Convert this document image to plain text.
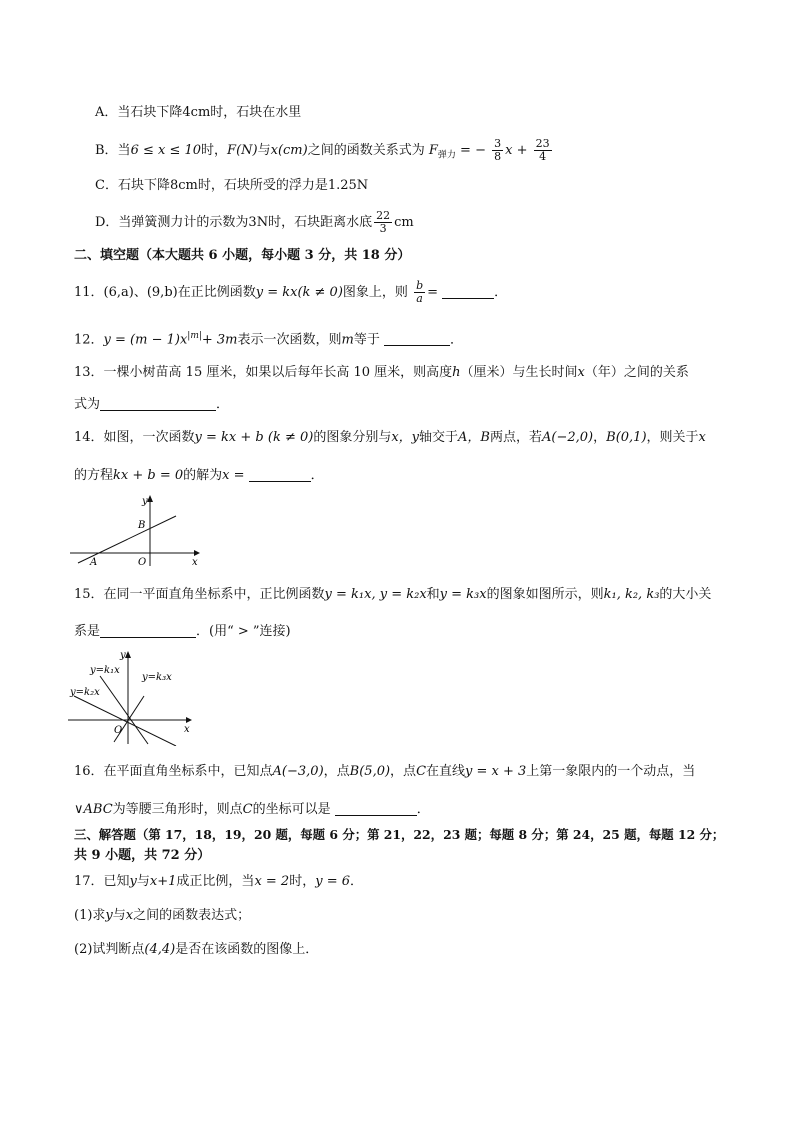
A．当石块下降4cm时，石块在水里
B．当6 ≤ x ≤ 10时，F(N)与x(cm)之间的函数关系式为 $F_{弹力}$ = − $\frac{3}{8}$ $x + \frac{23}{4}$
C．石块下降8cm时，石块所受的浮力是1.25N
D．当弹簧测力计的示数为3N时，石块距离水底 $\frac{22}{3}$ cm
二、填空题（本大题共 6 小题，每小题 3 分，共 18 分）
11．(6,a)、(9,b)在正比例函数y = kx(k ≠ 0)图象上，则 $\frac{b}{a}$ =	．
12．$y = (m - 1)x^{|m|}+ 3m$表示一次函数，则m等于	．
13．一棵小树苗高 15 厘米，如果以后每年长高 10 厘米，则高度h（厘米）与生长时间x（年）之间的关系
式为	．
14．如图，一次函数y = kx + b (k ≠ 0)的图象分别与x，y轴交于A，B两点，若A(−2,0)，B(0,1)，则关于x
的方程kx + b = 0的解为x =	．
y
x
B
O
A
15．在同一平面直角坐标系中，正比例函数y = k₁x, y = k₂x和y = k₃x的图象如图所示，则k₁, k₂, k₃的大小关
系是	．(用“ > ”连接)
y
x
O
y=k₁x
y=k₂x
y=k₃x
16．在平面直角坐标系中，已知点A(−3,0)，点B(5,0)，点C在直线y = x + 3上第一象限内的一个动点，当
∨ABC为等腰三角形时，则点C的坐标可以是	．
三、解答题（第 17，18，19，20 题，每题 6 分；第 21，22，23 题；每题 8 分；第 24，25 题，每题 12 分；
共 9 小题，共 72 分）
17．已知y与x+1成正比例，当x = 2时，y = 6．
(1)求y与x之间的函数表达式；
(2)试判断点(4,4)是否在该函数的图像上．
